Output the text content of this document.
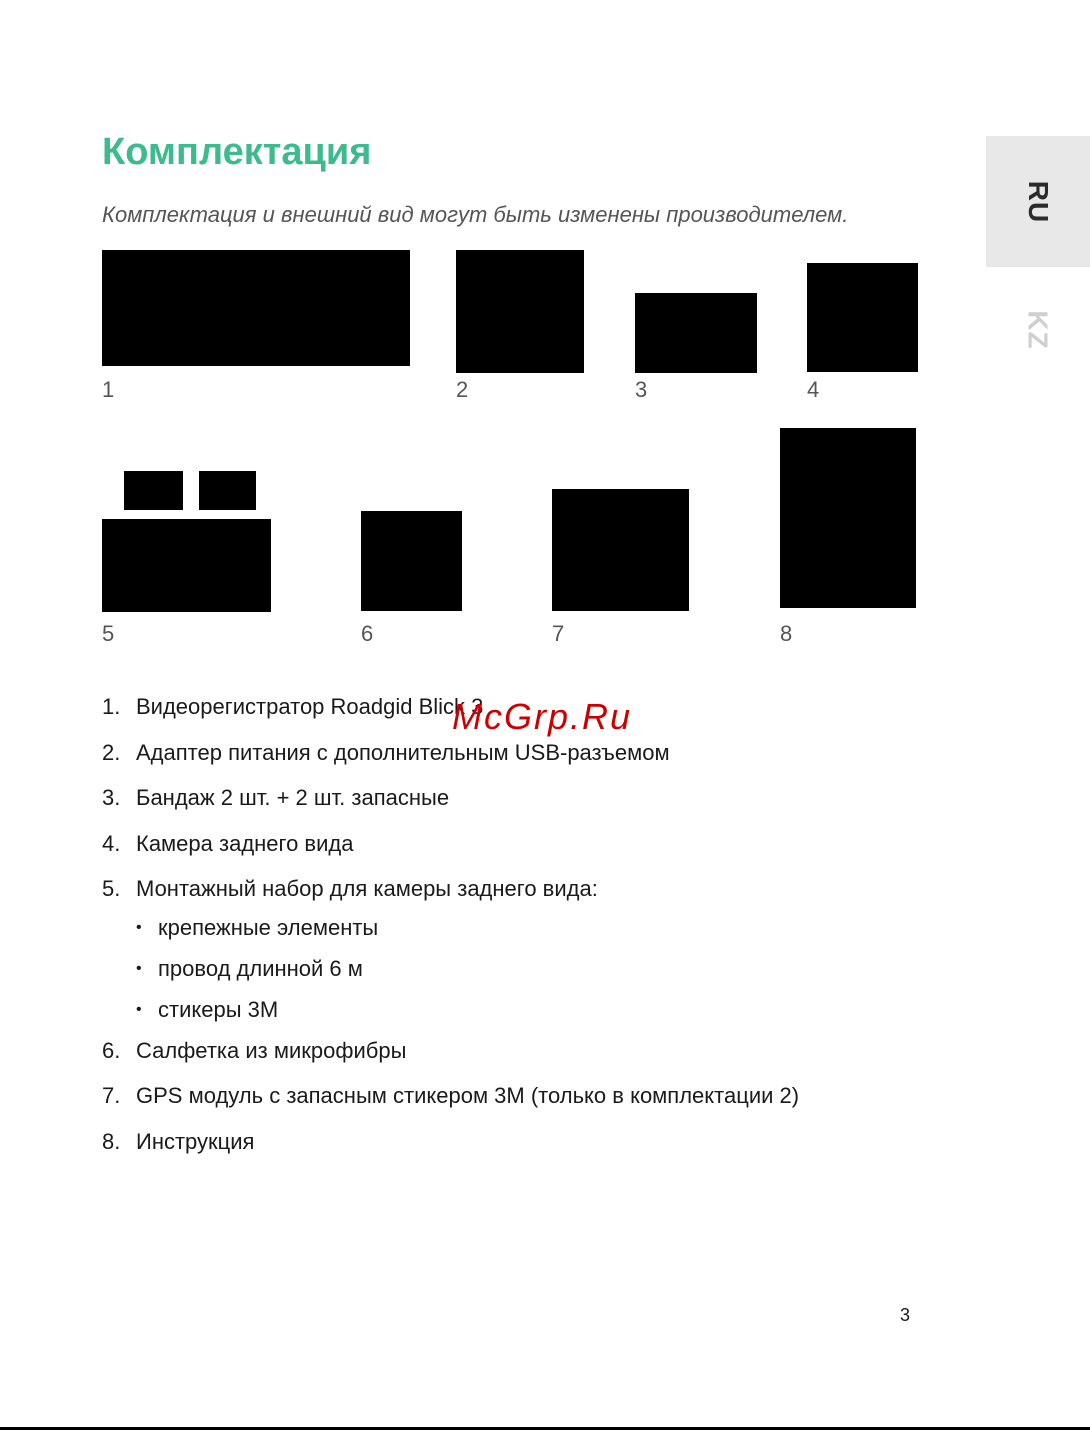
Комплектация
Комплектация и внешний вид могут быть изменены производителем.	RU
KZ
1	2	3	4
5	6	7	8
1. Видеорегистратор Roadgid Blick 3
2. Адаптер питания с дополнительным USB-разъемом
3. Бандаж 2 шт. + 2 шт. запасные
4. Камера заднего вида
5. Монтажный набор для камеры заднего вида:
• крепежные элементы
• провод длинной 6 м
• стикеры 3M
6. Салфетка из микрофибры
7. GPS модуль с запасным стикером 3M (только в комплектации 2)
8. Инструкция
McGrp.Ru
3
